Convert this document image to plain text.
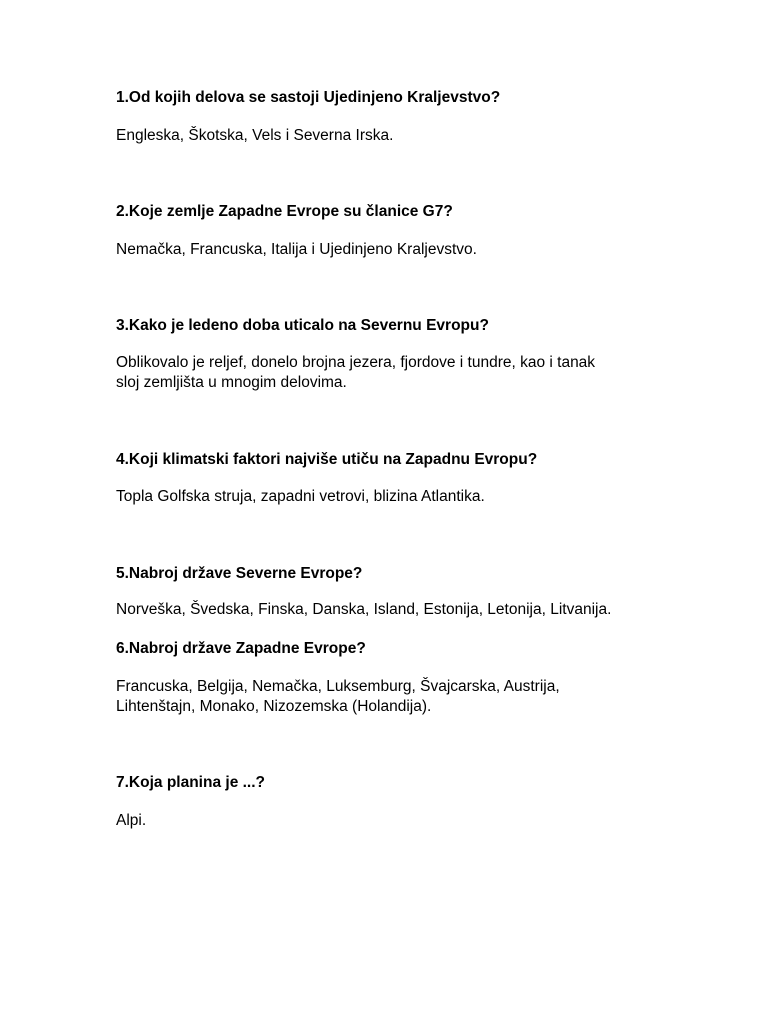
1.Od kojih delova se sastoji Ujedinjeno Kraljevstvo?

Engleska, Škotska, Vels i Severna Irska.

2.Koje zemlje Zapadne Evrope su članice G7?

Nemačka, Francuska, Italija i Ujedinjeno Kraljevstvo.

3.Kako je ledeno doba uticalo na Severnu Evropu?

Oblikovalo je reljef, donelo brojna jezera, fjordove i tundre, kao i tanak

sloj zemljišta u mnogim delovima.

4.Koji klimatski faktori najviše utiču na Zapadnu Evropu?

Topla Golfska struja, zapadni vetrovi, blizina Atlantika.

5.Nabroj države Severne Evrope?

Norveška, Švedska, Finska, Danska, Island, Estonija, Letonija, Litvanija.

6.Nabroj države Zapadne Evrope?

Francuska, Belgija, Nemačka, Luksemburg, Švajcarska, Austrija,

Lihtenštajn, Monako, Nizozemska (Holandija).

7.Koja planina je ...?

Alpi.
